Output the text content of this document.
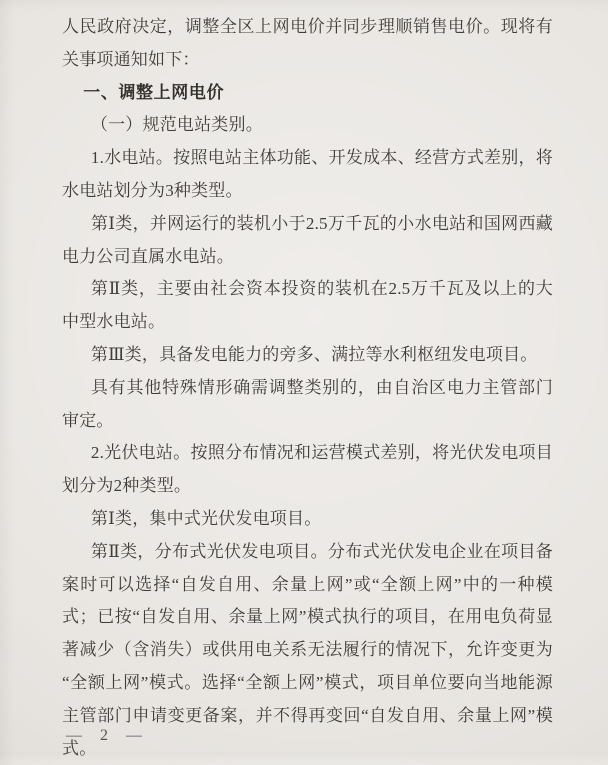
人民政府决定，调整全区上网电价并同步理顺销售电价。现将有关事项通知如下：

一、调整上网电价

（一）规范电站类别。

1.水电站。按照电站主体功能、开发成本、经营方式差别，将水电站划分为3种类型。

第Ⅰ类，并网运行的装机小于2.5万千瓦的小水电站和国网西藏电力公司直属水电站。

第Ⅱ类，主要由社会资本投资的装机在2.5万千瓦及以上的大中型水电站。

第Ⅲ类，具备发电能力的旁多、满拉等水利枢纽发电项目。

具有其他特殊情形确需调整类别的，由自治区电力主管部门审定。

2.光伏电站。按照分布情况和运营模式差别，将光伏发电项目划分为2种类型。

第Ⅰ类，集中式光伏发电项目。

第Ⅱ类，分布式光伏发电项目。分布式光伏发电企业在项目备案时可以选择“自发自用、余量上网”或“全额上网”中的一种模式；已按“自发自用、余量上网”模式执行的项目，在用电负荷显著减少（含消失）或供用电关系无法履行的情况下，允许变更为“全额上网”模式。选择“全额上网”模式，项目单位要向当地能源主管部门申请变更备案，并不得再变回“自发自用、余量上网”模式。

— 2 —
